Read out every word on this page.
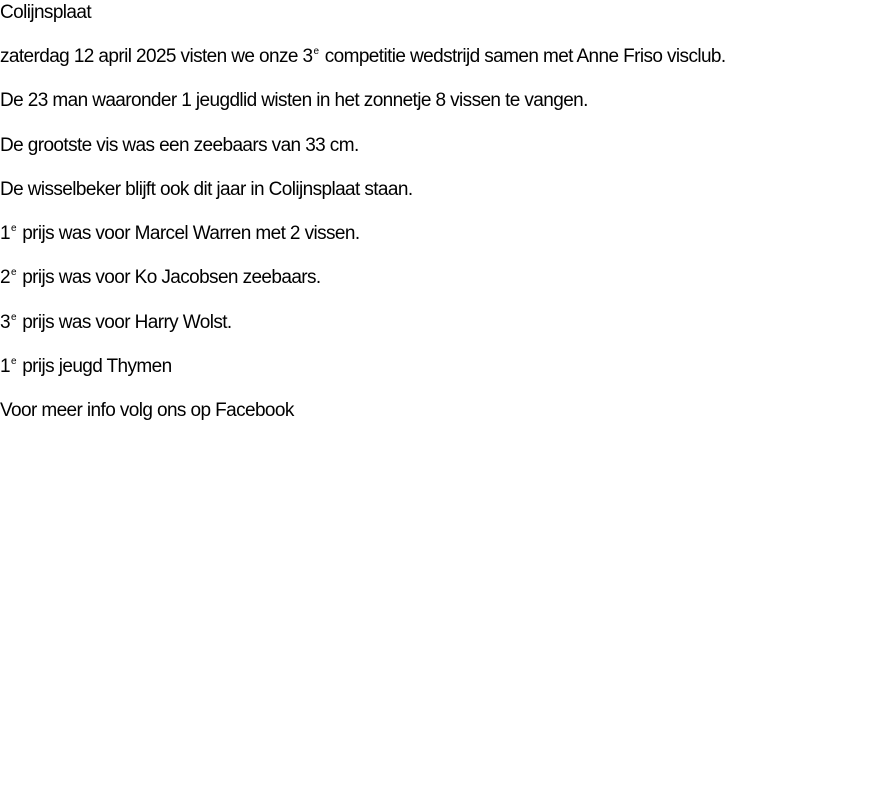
Colijnsplaat

zaterdag 12 april 2025 visten we onze 3e competitie wedstrijd samen met Anne Friso visclub.

De 23 man waaronder 1 jeugdlid wisten in het zonnetje 8 vissen te vangen.

De grootste vis was een zeebaars van 33 cm.

De wisselbeker blijft ook dit jaar in Colijnsplaat staan.

1e prijs was voor Marcel Warren met 2 vissen.

2e prijs was voor Ko Jacobsen zeebaars.

3e prijs was voor Harry Wolst.

1e prijs jeugd Thymen

Voor meer info volg ons op Facebook
